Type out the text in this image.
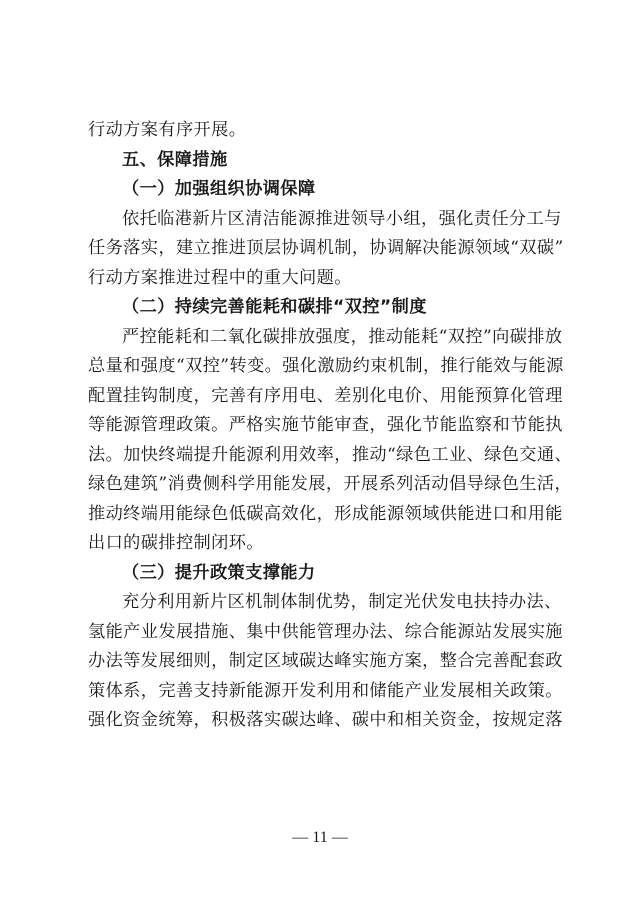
行动方案有序开展。
五、保障措施
（一）加强组织协调保障
依托临港新片区清洁能源推进领导小组，强化责任分工与
任务落实，建立推进顶层协调机制，协调解决能源领域“双碳”
行动方案推进过程中的重大问题。
（二）持续完善能耗和碳排“双控”制度
严控能耗和二氧化碳排放强度，推动能耗“双控”向碳排放
总量和强度“双控”转变。强化激励约束机制，推行能效与能源
配置挂钩制度，完善有序用电、差别化电价、用能预算化管理
等能源管理政策。严格实施节能审查，强化节能监察和节能执
法。加快终端提升能源利用效率，推动“绿色工业、绿色交通、
绿色建筑”消费侧科学用能发展，开展系列活动倡导绿色生活，
推动终端用能绿色低碳高效化，形成能源领域供能进口和用能
出口的碳排控制闭环。
（三）提升政策支撑能力
充分利用新片区机制体制优势，制定光伏发电扶持办法、
氢能产业发展措施、集中供能管理办法、综合能源站发展实施
办法等发展细则，制定区域碳达峰实施方案，整合完善配套政
策体系，完善支持新能源开发利用和储能产业发展相关政策。
强化资金统筹，积极落实碳达峰、碳中和相关资金，按规定落
— 11 —
